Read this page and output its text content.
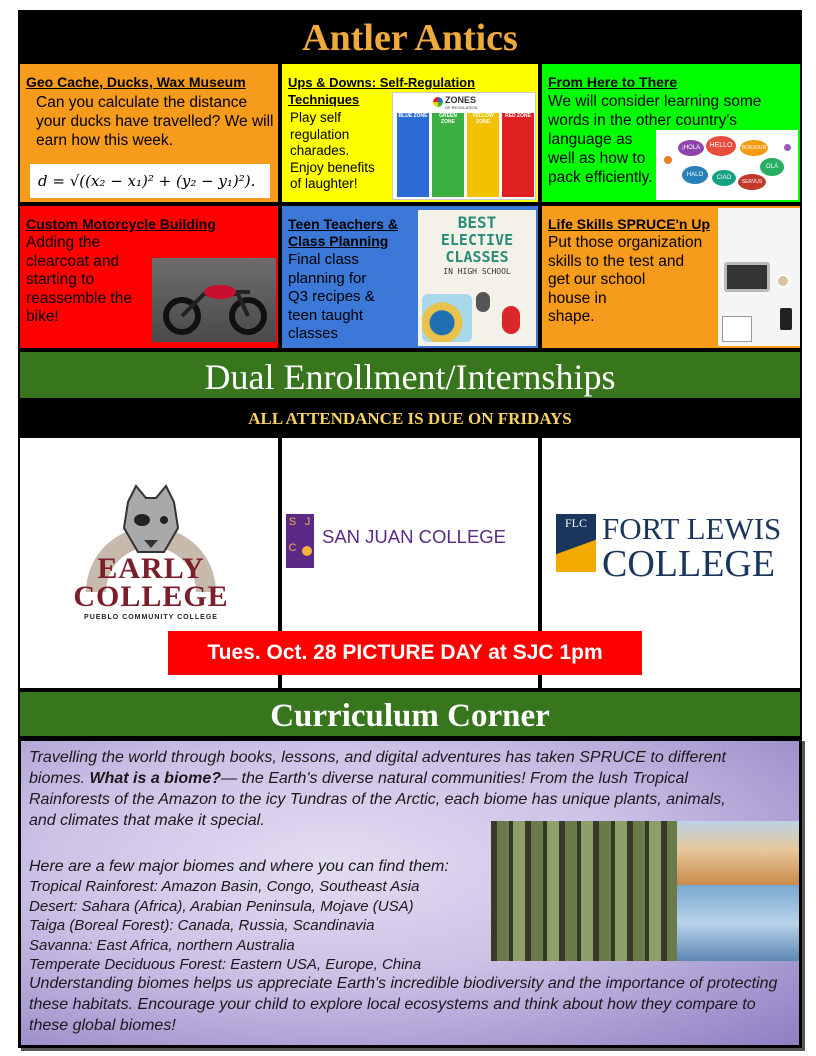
Antler Antics
Geo Cache, Ducks, Wax Museum
Can you calculate the distance your ducks have travelled? We will earn how this week.
d = √((x₂ − x₁)² + (y₂ − y₁)²).
Ups & Downs: Self-Regulation
Techniques
Play self
regulation
charades.
Enjoy benefits
of laughter!
ZONES
OF REGULATION
BLUE ZONE	GREEN ZONE
YELLOW ZONE
RED ZONE
From Here to There
We will consider learning some
words in the other country's
language as
well as how to
pack efficiently.
¡HOLA	HELLO	BONJOUR
OLÁ
HALO	CIAO
SERVUS
Custom Motorcycle Building
Adding the
clearcoat and
starting to
reassemble the
bike!
Teen Teachers &
Class Planning
Final class
planning for
Q3 recipes &
teen taught
classes
BEST
ELECTIVE
CLASSES
IN HIGH SCHOOL
Life Skills SPRUCE'n Up
Put those organization
skills to the test and
get our school
house in
shape.
Dual Enrollment/Internships
ALL ATTENDANCE IS DUE ON FRIDAYS
EARLY
COLLEGE
PUEBLO COMMUNITY COLLEGE
S J
C
SAN JUAN COLLEGE
FLC FORT LEWIS
COLLEGE
Tues. Oct. 28 PICTURE DAY at SJC 1pm
Curriculum Corner
Travelling the world through books, lessons, and digital adventures has taken SPRUCE to different
biomes. What is a biome?— the Earth's diverse natural communities! From the lush Tropical
Rainforests of the Amazon to the icy Tundras of the Arctic, each biome has unique plants, animals,
and climates that make it special.
Here are a few major biomes and where you can find them:
Tropical Rainforest: Amazon Basin, Congo, Southeast Asia
Desert: Sahara (Africa), Arabian Peninsula, Mojave (USA)
Taiga (Boreal Forest): Canada, Russia, Scandinavia
Savanna: East Africa, northern Australia
Temperate Deciduous Forest: Eastern USA, Europe, China
Understanding biomes helps us appreciate Earth's incredible biodiversity and the importance of protecting
these habitats. Encourage your child to explore local ecosystems and think about how they compare to
these global biomes!
